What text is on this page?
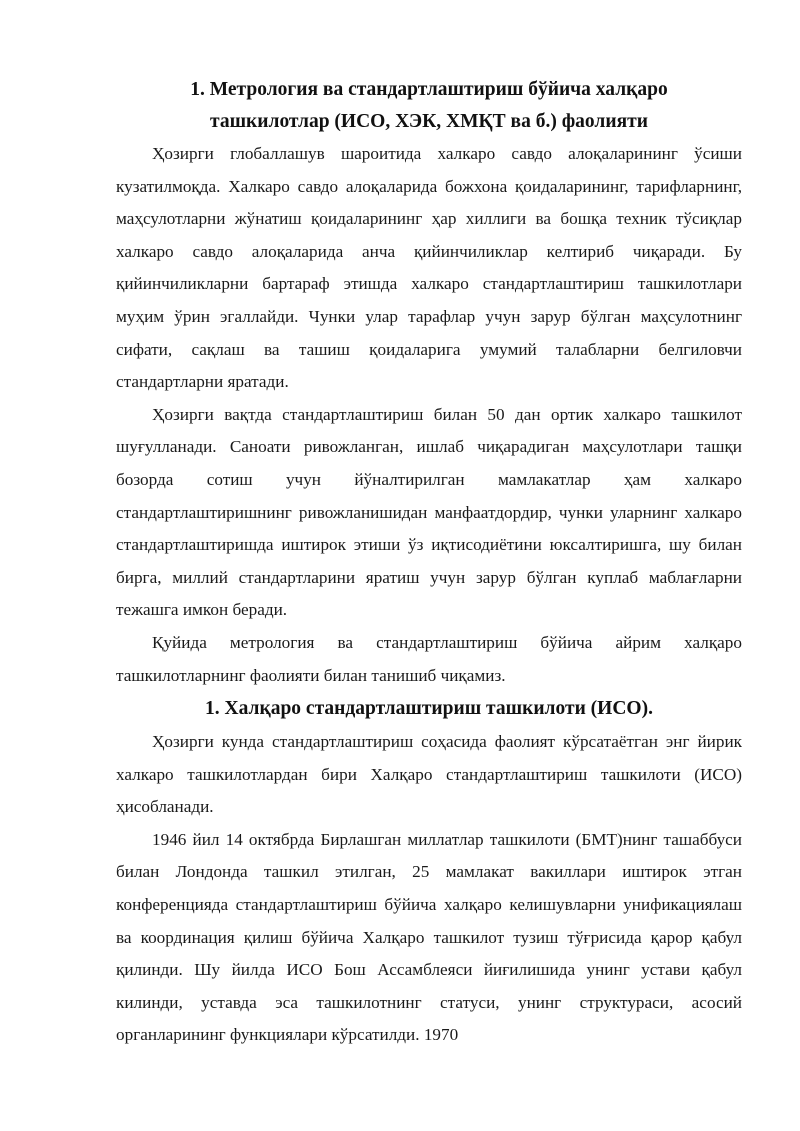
1. Метрология ва стандартлаштириш бўйича халқаро
ташкилотлар (ИСО, ХЭК, ХМҚТ ва б.) фаолияти

Ҳозирги глобаллашув шароитида халкаро савдо алоқаларининг ўсиши кузатилмоқда. Халкаро савдо алоқаларида божхона қоидаларининг, тарифларнинг, маҳсулотларни жўнатиш қоидаларининг ҳар хиллиги ва бошқа техник тўсиқлар халкаро савдо алоқаларида анча қийинчиликлар келтириб чиқаради. Бу қийинчиликларни бартараф этишда халкаро стандартлаштириш ташкилотлари муҳим ўрин эгаллайди. Чунки улар тарафлар учун зарур бўлган маҳсулотнинг сифати, сақлаш ва ташиш қоидаларига умумий талабларни белгиловчи стандартларни яратади.

Ҳозирги вақтда стандартлаштириш билан 50 дан ортик халкаро ташкилот шуғулланади. Саноати ривожланган, ишлаб чиқарадиган маҳсулотлари ташқи бозорда сотиш учун йўналтирилган мамлакатлар ҳам халкаро стандартлаштиришнинг ривожланишидан манфаатдордир, чунки уларнинг халкаро стандартлаштиришда иштирок этиши ўз иқтисодиётини юксалтиришга, шу билан бирга, миллий стандартларини яратиш учун зарур бўлган куплаб маблағларни тежашга имкон беради.

Қуйида метрология ва стандартлаштириш бўйича айрим халқаро ташкилотларнинг фаолияти билан танишиб чиқамиз.

1. Халқаро стандартлаштириш ташкилоти (ИСО).

Ҳозирги кунда стандартлаштириш соҳасида фаолият кўрсатаётган энг йирик халкаро ташкилотлардан бири Халқаро стандартлаштириш ташкилоти (ИСО) ҳисобланади.

1946 йил 14 октябрда Бирлашган миллатлар ташкилоти (БМТ)нинг ташаббуси билан Лондонда ташкил этилган, 25 мамлакат вакиллари иштирок этган конференцияда стандартлаштириш бўйича халқаро келишувларни унификациялаш ва координация қилиш бўйича Халқаро ташкилот тузиш тўғрисида қарор қабул қилинди. Шу йилда ИСО Бош Ассамблеяси йиғилишида унинг устави қабул килинди, уставда эса ташкилотнинг статуси, унинг структураси, асосий органларининг функциялари кўрсатилди. 1970
